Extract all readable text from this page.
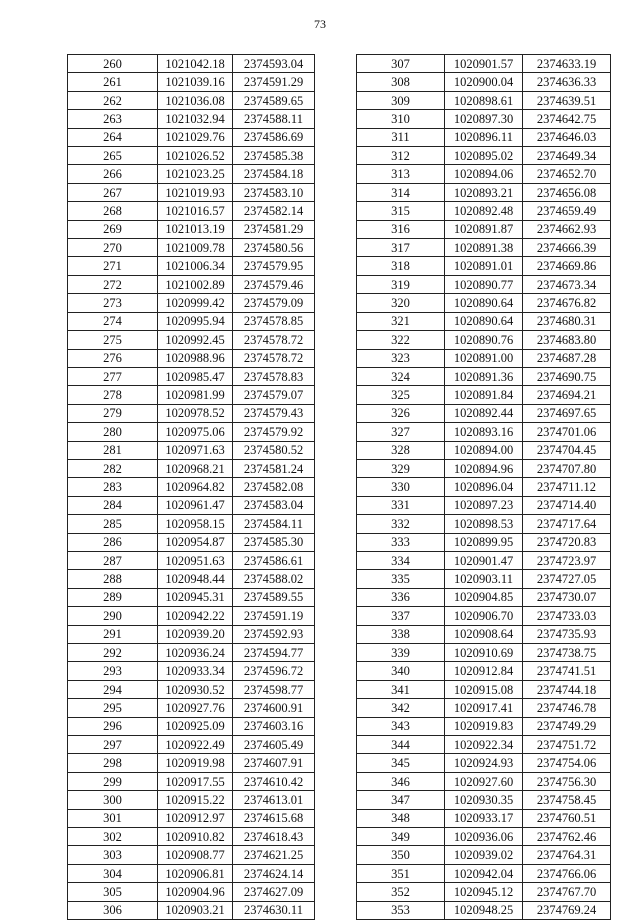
73
260	1021042.18	2374593.04
261	1021039.16	2374591.29
262	1021036.08	2374589.65
263	1021032.94	2374588.11
264	1021029.76	2374586.69
265	1021026.52	2374585.38
266	1021023.25	2374584.18
267	1021019.93	2374583.10
268	1021016.57	2374582.14
269	1021013.19	2374581.29
270	1021009.78	2374580.56
271	1021006.34	2374579.95
272	1021002.89	2374579.46
273	1020999.42	2374579.09
274	1020995.94	2374578.85
275	1020992.45	2374578.72
276	1020988.96	2374578.72
277	1020985.47	2374578.83
278	1020981.99	2374579.07
279	1020978.52	2374579.43
280	1020975.06	2374579.92
281	1020971.63	2374580.52
282	1020968.21	2374581.24
283	1020964.82	2374582.08
284	1020961.47	2374583.04
285	1020958.15	2374584.11
286	1020954.87	2374585.30
287	1020951.63	2374586.61
288	1020948.44	2374588.02
289	1020945.31	2374589.55
290	1020942.22	2374591.19
291	1020939.20	2374592.93
292	1020936.24	2374594.77
293	1020933.34	2374596.72
294	1020930.52	2374598.77
295	1020927.76	2374600.91
296	1020925.09	2374603.16
297	1020922.49	2374605.49
298	1020919.98	2374607.91
299	1020917.55	2374610.42
300	1020915.22	2374613.01
301	1020912.97	2374615.68
302	1020910.82	2374618.43
303	1020908.77	2374621.25
304	1020906.81	2374624.14
305	1020904.96	2374627.09
306	1020903.21	2374630.11
307	1020901.57	2374633.19
308	1020900.04	2374636.33
309	1020898.61	2374639.51
310	1020897.30	2374642.75
311	1020896.11	2374646.03
312	1020895.02	2374649.34
313	1020894.06	2374652.70
314	1020893.21	2374656.08
315	1020892.48	2374659.49
316	1020891.87	2374662.93
317	1020891.38	2374666.39
318	1020891.01	2374669.86
319	1020890.77	2374673.34
320	1020890.64	2374676.82
321	1020890.64	2374680.31
322	1020890.76	2374683.80
323	1020891.00	2374687.28
324	1020891.36	2374690.75
325	1020891.84	2374694.21
326	1020892.44	2374697.65
327	1020893.16	2374701.06
328	1020894.00	2374704.45
329	1020894.96	2374707.80
330	1020896.04	2374711.12
331	1020897.23	2374714.40
332	1020898.53	2374717.64
333	1020899.95	2374720.83
334	1020901.47	2374723.97
335	1020903.11	2374727.05
336	1020904.85	2374730.07
337	1020906.70	2374733.03
338	1020908.64	2374735.93
339	1020910.69	2374738.75
340	1020912.84	2374741.51
341	1020915.08	2374744.18
342	1020917.41	2374746.78
343	1020919.83	2374749.29
344	1020922.34	2374751.72
345	1020924.93	2374754.06
346	1020927.60	2374756.30
347	1020930.35	2374758.45
348	1020933.17	2374760.51
349	1020936.06	2374762.46
350	1020939.02	2374764.31
351	1020942.04	2374766.06
352	1020945.12	2374767.70
353	1020948.25	2374769.24
